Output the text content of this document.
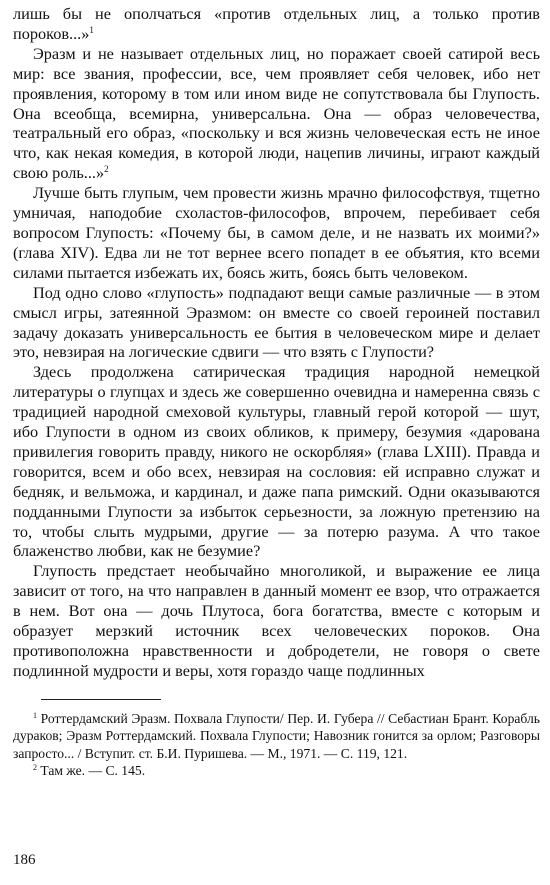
лишь бы не ополчаться «против отдельных лиц, а только против пороков...»$^1$

Эразм и не называет отдельных лиц, но поражает своей сатирой весь мир: все звания, профессии, все, чем проявляет себя человек, ибо нет проявления, которому в том или ином виде не сопутствовала бы Глупость. Она всеобща, всемирна, универсальна. Она — образ человечества, театральный его образ, «поскольку и вся жизнь человеческая есть не иное что, как некая комедия, в которой люди, нацепив личины, играют каждый свою роль...»$^2$

Лучше быть глупым, чем провести жизнь мрачно философствуя, тщетно умничая, наподобие схоластов-философов, впрочем, перебивает себя вопросом Глупость: «Почему бы, в самом деле, и не назвать их моими?» (глава XIV). Едва ли не тот вернее всего попадет в ее объятия, кто всеми силами пытается избежать их, боясь жить, боясь быть человеком.

Под одно слово «глупость» подпадают вещи самые различные — в этом смысл игры, затеянной Эразмом: он вместе со своей героиней поставил задачу доказать универсальность ее бытия в человеческом мире и делает это, невзирая на логические сдвиги — что взять с Глупости?

Здесь продолжена сатирическая традиция народной немецкой литературы о глупцах и здесь же совершенно очевидна и намеренна связь с традицией народной смеховой культуры, главный герой которой — шут, ибо Глупости в одном из своих обликов, к примеру, безумия «дарована привилегия говорить правду, никого не оскорбляя» (глава LXIII). Правда и говорится, всем и обо всех, невзирая на сословия: ей исправно служат и бедняк, и вельможа, и кардинал, и даже папа римский. Одни оказываются подданными Глупости за избыток серьезности, за ложную претензию на то, чтобы слыть мудрыми, другие — за потерю разума. А что такое блаженство любви, как не безумие?

Глупость предстает необычайно многоликой, и выражение ее лица зависит от того, на что направлен в данный момент ее взор, что отражается в нем. Вот она — дочь Плутоса, бога богатства, вместе с которым и образует мерзкий источник всех человеческих пороков. Она противоположна нравственности и добродетели, не говоря о свете подлинной мудрости и веры, хотя гораздо чаще подлинных

$^1$ Роттердамский Эразм. Похвала Глупости/ Пер. И. Губера // Себастиан Брант. Корабль дураков; Эразм Роттердамский. Похвала Глупости; Навозник гонится за орлом; Разговоры запросто... / Вступит. ст. Б.И. Пуришева. — М., 1971. — С. 119, 121.

$^2$ Там же. — С. 145.

186
